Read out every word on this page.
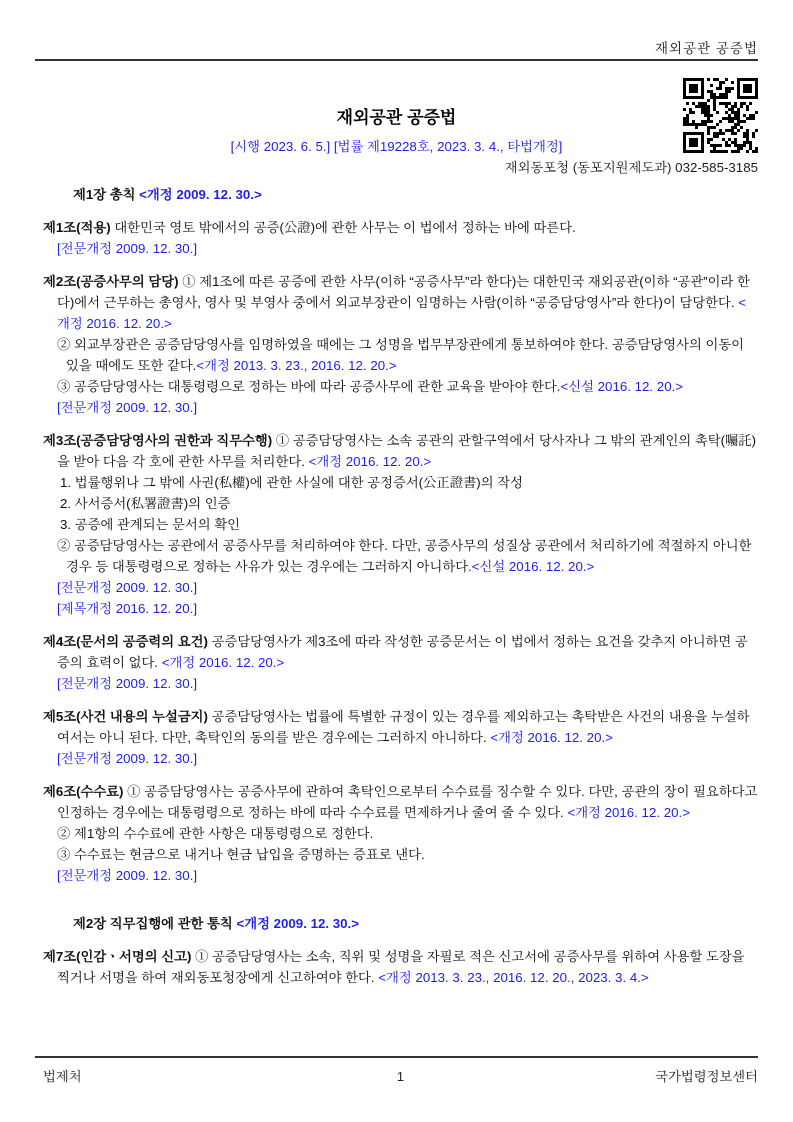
재외공관 공증법
재외공관 공증법
[시행 2023. 6. 5.] [법률 제19228호, 2023. 3. 4., 타법개정]
재외동포청 (동포지원제도과) 032-585-3185

제1장 총칙 <개정 2009. 12. 30.>

제1조(적용) 대한민국 영토 밖에서의 공증(公證)에 관한 사무는 이 법에서 정하는 바에 따른다.

[전문개정 2009. 12. 30.]

제2조(공증사무의 담당) ① 제1조에 따른 공증에 관한 사무(이하 “공증사무”라 한다)는 대한민국 재외공관(이하 “공관”이라 한다)에서 근무하는 총영사, 영사 및 부영사 중에서 외교부장관이 임명하는 사람(이하 “공증담당영사”라 한다)이 담당한다. <개정 2016. 12. 20.>

② 외교부장관은 공증담당영사를 임명하였을 때에는 그 성명을 법무부장관에게 통보하여야 한다. 공증담당영사의 이동이 있을 때에도 또한 같다.<개정 2013. 3. 23., 2016. 12. 20.>

③ 공증담당영사는 대통령령으로 정하는 바에 따라 공증사무에 관한 교육을 받아야 한다.<신설 2016. 12. 20.>

[전문개정 2009. 12. 30.]

제3조(공증담당영사의 권한과 직무수행) ① 공증담당영사는 소속 공관의 관할구역에서 당사자나 그 밖의 관계인의 촉탁(囑託)을 받아 다음 각 호에 관한 사무를 처리한다. <개정 2016. 12. 20.>

1. 법률행위나 그 밖에 사권(私權)에 관한 사실에 대한 공정증서(公正證書)의 작성

2. 사서증서(私署證書)의 인증

3. 공증에 관계되는 문서의 확인

② 공증담당영사는 공관에서 공증사무를 처리하여야 한다. 다만, 공증사무의 성질상 공관에서 처리하기에 적절하지 아니한 경우 등 대통령령으로 정하는 사유가 있는 경우에는 그러하지 아니하다.<신설 2016. 12. 20.>

[전문개정 2009. 12. 30.]

[제목개정 2016. 12. 20.]

제4조(문서의 공증력의 요건) 공증담당영사가 제3조에 따라 작성한 공증문서는 이 법에서 정하는 요건을 갖추지 아니하면 공증의 효력이 없다. <개정 2016. 12. 20.>

[전문개정 2009. 12. 30.]

제5조(사건 내용의 누설금지) 공증담당영사는 법률에 특별한 규정이 있는 경우를 제외하고는 촉탁받은 사건의 내용을 누설하여서는 아니 된다. 다만, 촉탁인의 동의를 받은 경우에는 그러하지 아니하다. <개정 2016. 12. 20.>

[전문개정 2009. 12. 30.]

제6조(수수료) ① 공증담당영사는 공증사무에 관하여 촉탁인으로부터 수수료를 징수할 수 있다. 다만, 공관의 장이 필요하다고 인정하는 경우에는 대통령령으로 정하는 바에 따라 수수료를 면제하거나 줄여 줄 수 있다. <개정 2016. 12. 20.>

② 제1항의 수수료에 관한 사항은 대통령령으로 정한다.

③ 수수료는 현금으로 내거나 현금 납입을 증명하는 증표로 낸다.

[전문개정 2009. 12. 30.]

제2장 직무집행에 관한 통칙 <개정 2009. 12. 30.>

제7조(인감ㆍ서명의 신고) ① 공증담당영사는 소속, 직위 및 성명을 자필로 적은 신고서에 공증사무를 위하여 사용할 도장을 찍거나 서명을 하여 재외동포청장에게 신고하여야 한다. <개정 2013. 3. 23., 2016. 12. 20., 2023. 3. 4.>

법제처	1	국가법령정보센터
